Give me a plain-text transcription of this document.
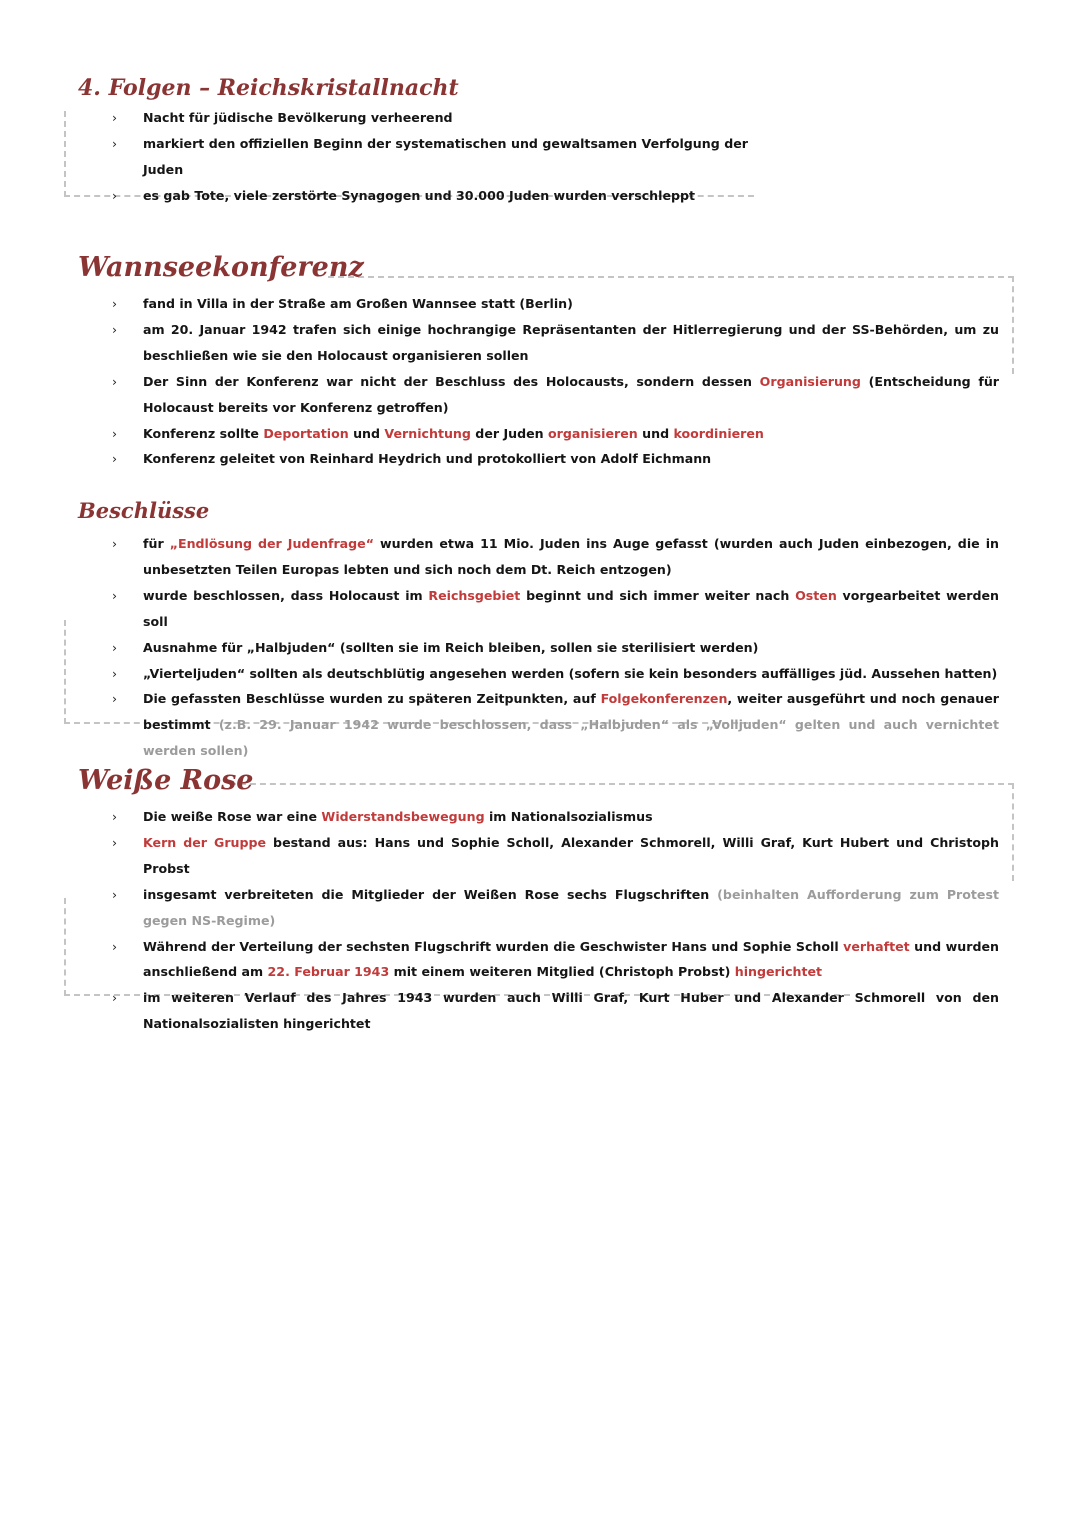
4. Folgen – Reichskristallnacht
› Nacht für jüdische Bevölkerung verheerend
› markiert den offiziellen Beginn der systematischen und gewaltsamen Verfolgung der Juden
› es gab Tote, viele zerstörte Synagogen und 30.000 Juden wurden verschleppt
Wannseekonferenz
› fand in Villa in der Straße am Großen Wannsee statt (Berlin)
› am 20. Januar 1942 trafen sich einige hochrangige Repräsentanten der Hitlerregierung und der SS-Behörden, um zu beschließen wie sie den Holocaust organisieren sollen
› Der Sinn der Konferenz war nicht der Beschluss des Holocausts, sondern dessen Organisierung (Entscheidung für Holocaust bereits vor Konferenz getroffen)
› Konferenz sollte Deportation und Vernichtung der Juden organisieren und koordinieren
› Konferenz geleitet von Reinhard Heydrich und protokolliert von Adolf Eichmann
Beschlüsse
› für „Endlösung der Judenfrage“ wurden etwa 11 Mio. Juden ins Auge gefasst (wurden auch Juden einbezogen, die in unbesetzten Teilen Europas lebten und sich noch dem Dt. Reich entzogen)
› wurde beschlossen, dass Holocaust im Reichsgebiet beginnt und sich immer weiter nach Osten vorgearbeitet werden soll
› Ausnahme für „Halbjuden“ (sollten sie im Reich bleiben, sollen sie sterilisiert werden)
› „Vierteljuden“ sollten als deutschblütig angesehen werden (sofern sie kein besonders auffälliges jüd. Aussehen hatten)
› Die gefassten Beschlüsse wurden zu späteren Zeitpunkten, auf Folgekonferenzen, weiter ausgeführt und noch genauer bestimmt (z.B. 29. Januar 1942 wurde beschlossen, dass „Halbjuden“ als „Volljuden“ gelten und auch vernichtet werden sollen)
Weiße Rose
› Die weiße Rose war eine Widerstandsbewegung im Nationalsozialismus
› Kern der Gruppe bestand aus: Hans und Sophie Scholl, Alexander Schmorell, Willi Graf, Kurt Hubert und Christoph Probst
› insgesamt verbreiteten die Mitglieder der Weißen Rose sechs Flugschriften (beinhalten Aufforderung zum Protest gegen NS-Regime)
› Während der Verteilung der sechsten Flugschrift wurden die Geschwister Hans und Sophie Scholl verhaftet und wurden anschließend am 22. Februar 1943 mit einem weiteren Mitglied (Christoph Probst) hingerichtet
› im weiteren Verlauf des Jahres 1943 wurden auch Willi Graf, Kurt Huber und Alexander Schmorell von den Nationalsozialisten hingerichtet
